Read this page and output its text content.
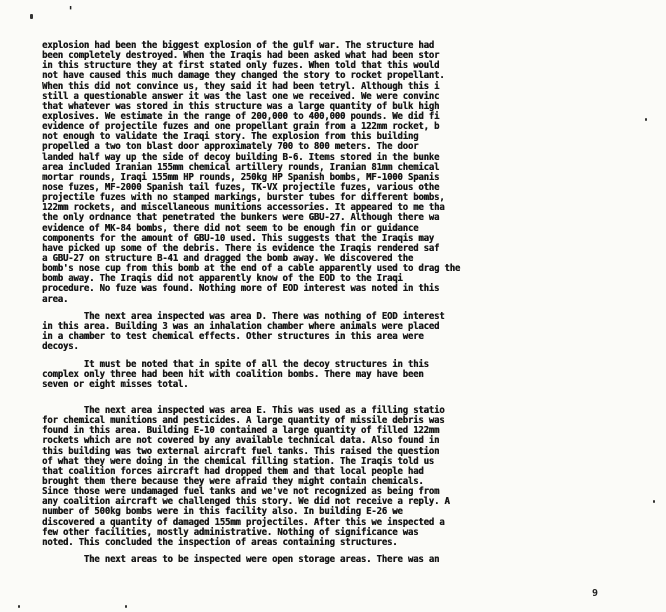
'
explosion had been the biggest explosion of the gulf war. The structure had
been completely destroyed. When the Iraqis had been asked what had been stor
in this structure they at first stated only fuzes. When told that this would
not have caused this much damage they changed the story to rocket propellant.
When this did not convince us, they said it had been tetryl. Although this i
still a questionable answer it was the last one we received. We were convinc
that whatever was stored in this structure was a large quantity of bulk high
explosives. We estimate in the range of 200,000 to 400,000 pounds. We did fi
evidence of projectile fuzes and one propellant grain from a 122mm rocket, b
not enough to validate the Iraqi story. The explosion from this building
propelled a two ton blast door approximately 700 to 800 meters. The door
landed half way up the side of decoy building B-6. Items stored in the bunke
area included Iranian 155mm chemical artillery rounds, Iranian 81mm chemical
mortar rounds, Iraqi 155mm HP rounds, 250kg HP Spanish bombs, MF-1000 Spanis
nose fuzes, MF-2000 Spanish tail fuzes, TK-VX projectile fuzes, various othe
projectile fuzes with no stamped markings, burster tubes for different bombs,
122mm rockets, and miscellaneous munitions accessories. It appeared to me tha
the only ordnance that penetrated the bunkers were GBU-27. Although there wa
evidence of MK-84 bombs, there did not seem to be enough fin or guidance
components for the amount of GBU-10 used. This suggests that the Iraqis may
have picked up some of the debris. There is evidence the Iraqis rendered saf
a GBU-27 on structure B-41 and dragged the bomb away. We discovered the
bomb's nose cup from this bomb at the end of a cable apparently used to drag the
bomb away. The Iraqis did not apparently know of the EOD to the Iraqi
procedure. No fuze was found. Nothing more of EOD interest was noted in this
area.
The next area inspected was area D. There was nothing of EOD interest
in this area. Building 3 was an inhalation chamber where animals were placed
in a chamber to test chemical effects. Other structures in this area were
decoys.
It must be noted that in spite of all the decoy structures in this
complex only three had been hit with coalition bombs. There may have been
seven or eight misses total.
The next area inspected was area E. This was used as a filling statio
for chemical munitions and pesticides. A large quantity of missile debris was
found in this area. Building E-10 contained a large quantity of filled 122mm
rockets which are not covered by any available technical data. Also found in
this building was two external aircraft fuel tanks. This raised the question
of what they were doing in the chemical filling station. The Iraqis told us
that coalition forces aircraft had dropped them and that local people had
brought them there because they were afraid they might contain chemicals.
Since those were undamaged fuel tanks and we've not recognized as being from
any coalition aircraft we challenged this story. We did not receive a reply. A
number of 500kg bombs were in this facility also. In building E-26 we
discovered a quantity of damaged 155mm projectiles. After this we inspected a
few other facilities, mostly administrative. Nothing of significance was
noted. This concluded the inspection of areas containing structures.
The next areas to be inspected were open storage areas. There was an
9
